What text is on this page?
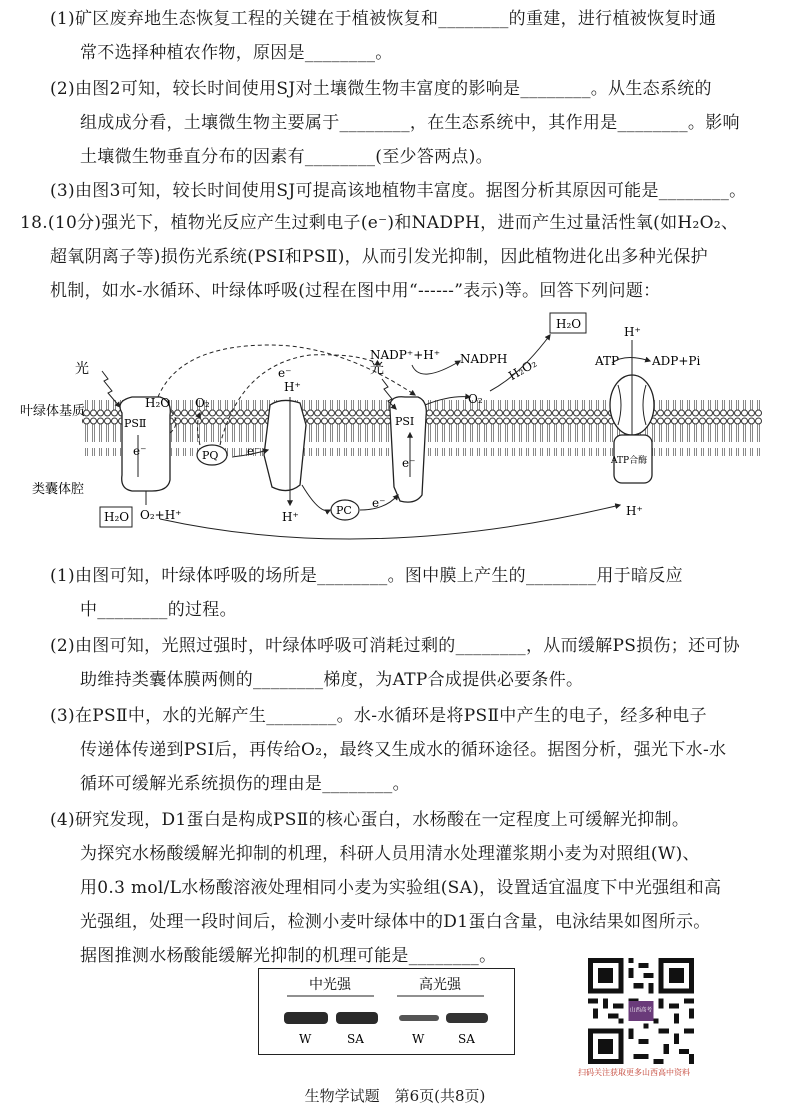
(1)矿区废弃地生态恢复工程的关键在于植被恢复和________的重建，进行植被恢复时通
常不选择种植农作物，原因是________。
(2)由图2可知，较长时间使用SJ对土壤微生物丰富度的影响是________。从生态系统的
组成成分看，土壤微生物主要属于________，在生态系统中，其作用是________。影响
土壤微生物垂直分布的因素有________(至少答两点)。
(3)由图3可知，较长时间使用SJ可提高该地植物丰富度。据图分析其原因可能是________。
18.(10分)强光下，植物光反应产生过剩电子(e⁻)和NADPH，进而产生过量活性氧(如H₂O₂、
超氧阴离子等)损伤光系统(PSⅠ和PSⅡ)，从而引发光抑制，因此植物进化出多种光保护
机制，如水-水循环、叶绿体呼吸(过程在图中用“------”表示)等。回答下列问题：
PSⅡ
e⁻	PQ e⁻
e⁻
H⁺
H⁺	PC
e⁻
PSⅠ
e⁻	ATP合酶
H⁺
ATP	ADP+Pi
H⁺
光
叶绿体基质
类囊体腔
H₂O O₂
H₂O O₂+H⁺
光
NADP⁺+H⁺ NADPH
O₂
H₂O₂
H₂O
(1)由图可知，叶绿体呼吸的场所是________。图中膜上产生的________用于暗反应
中________的过程。
(2)由图可知，光照过强时，叶绿体呼吸可消耗过剩的________，从而缓解PS损伤；还可协
助维持类囊体膜两侧的________梯度，为ATP合成提供必要条件。
(3)在PSⅡ中，水的光解产生________。水-水循环是将PSⅡ中产生的电子，经多种电子
传递体传递到PSⅠ后，再传给O₂，最终又生成水的循环途径。据图分析，强光下水-水
循环可缓解光系统损伤的理由是________。
(4)研究发现，D1蛋白是构成PSⅡ的核心蛋白，水杨酸在一定程度上可缓解光抑制。
为探究水杨酸缓解光抑制的机理，科研人员用清水处理灌浆期小麦为对照组(W)、
用0.3 mol/L水杨酸溶液处理相同小麦为实验组(SA)，设置适宜温度下中光强组和高
光强组，处理一段时间后，检测小麦叶绿体中的D1蛋白含量，电泳结果如图所示。
据图推测水杨酸能缓解光抑制的机理可能是________。
中光强	高光强
W	SA	W	SA
山西高考
扫码关注获取更多山西高中资料
生物学试题　第6页(共8页)
